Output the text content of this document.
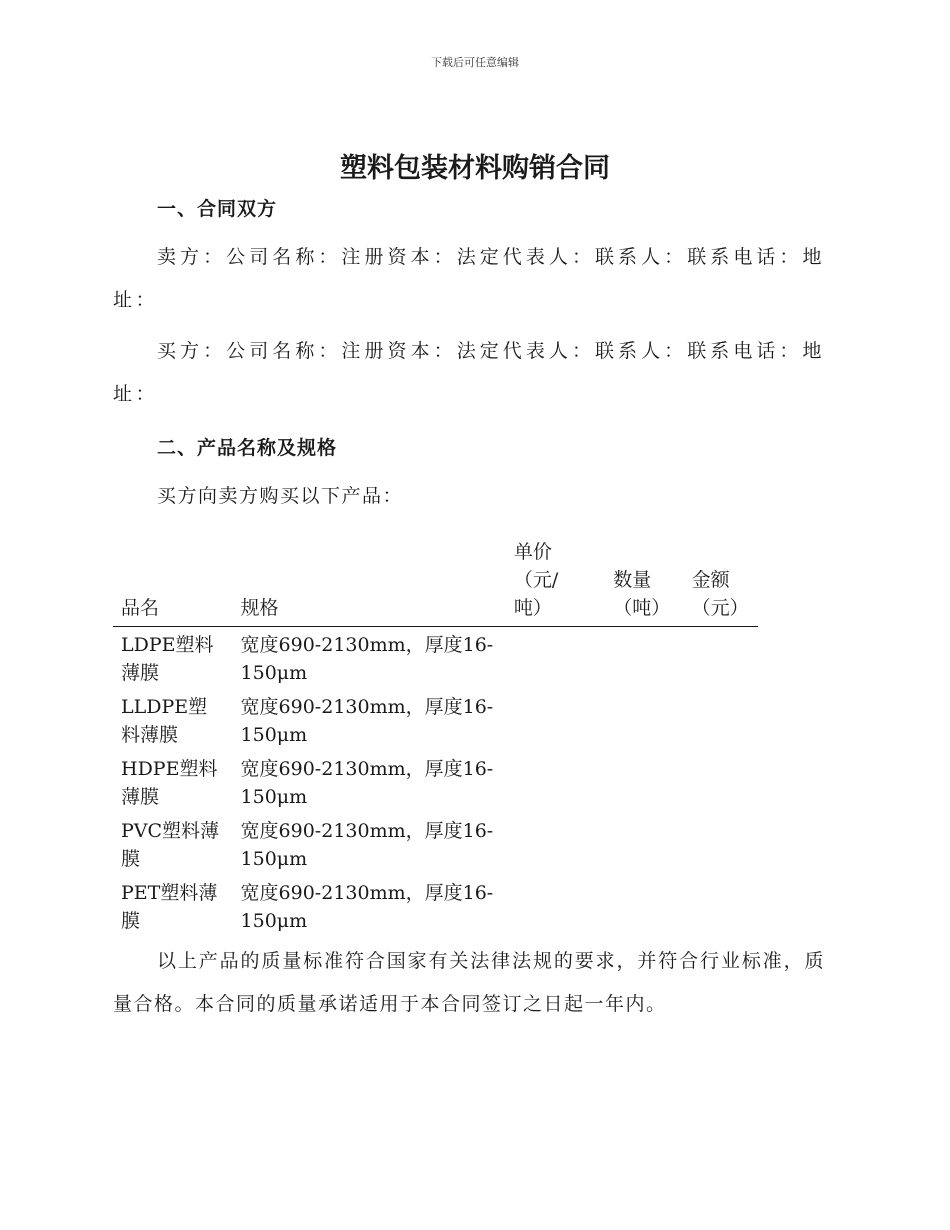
下载后可任意编辑
塑料包装材料购销合同
一、合同双方
卖方：公司名称：注册资本：法定代表人：联系人：联系电话：地址：
买方：公司名称：注册资本：法定代表人：联系人：联系电话：地址：
二、产品名称及规格
买方向卖方购买以下产品：
品名	规格	单价（元/吨）	数量（吨）	金额（元）

LDPE塑料薄膜	宽度690-2130mm，厚度16-150μm			
LLDPE塑料薄膜	宽度690-2130mm，厚度16-150μm			
HDPE塑料薄膜	宽度690-2130mm，厚度16-150μm			
PVC塑料薄膜	宽度690-2130mm，厚度16-150μm			
PET塑料薄膜	宽度690-2130mm，厚度16-150μm			
以上产品的质量标准符合国家有关法律法规的要求，并符合行业标准，质量合格。本合同的质量承诺适用于本合同签订之日起一年内。
